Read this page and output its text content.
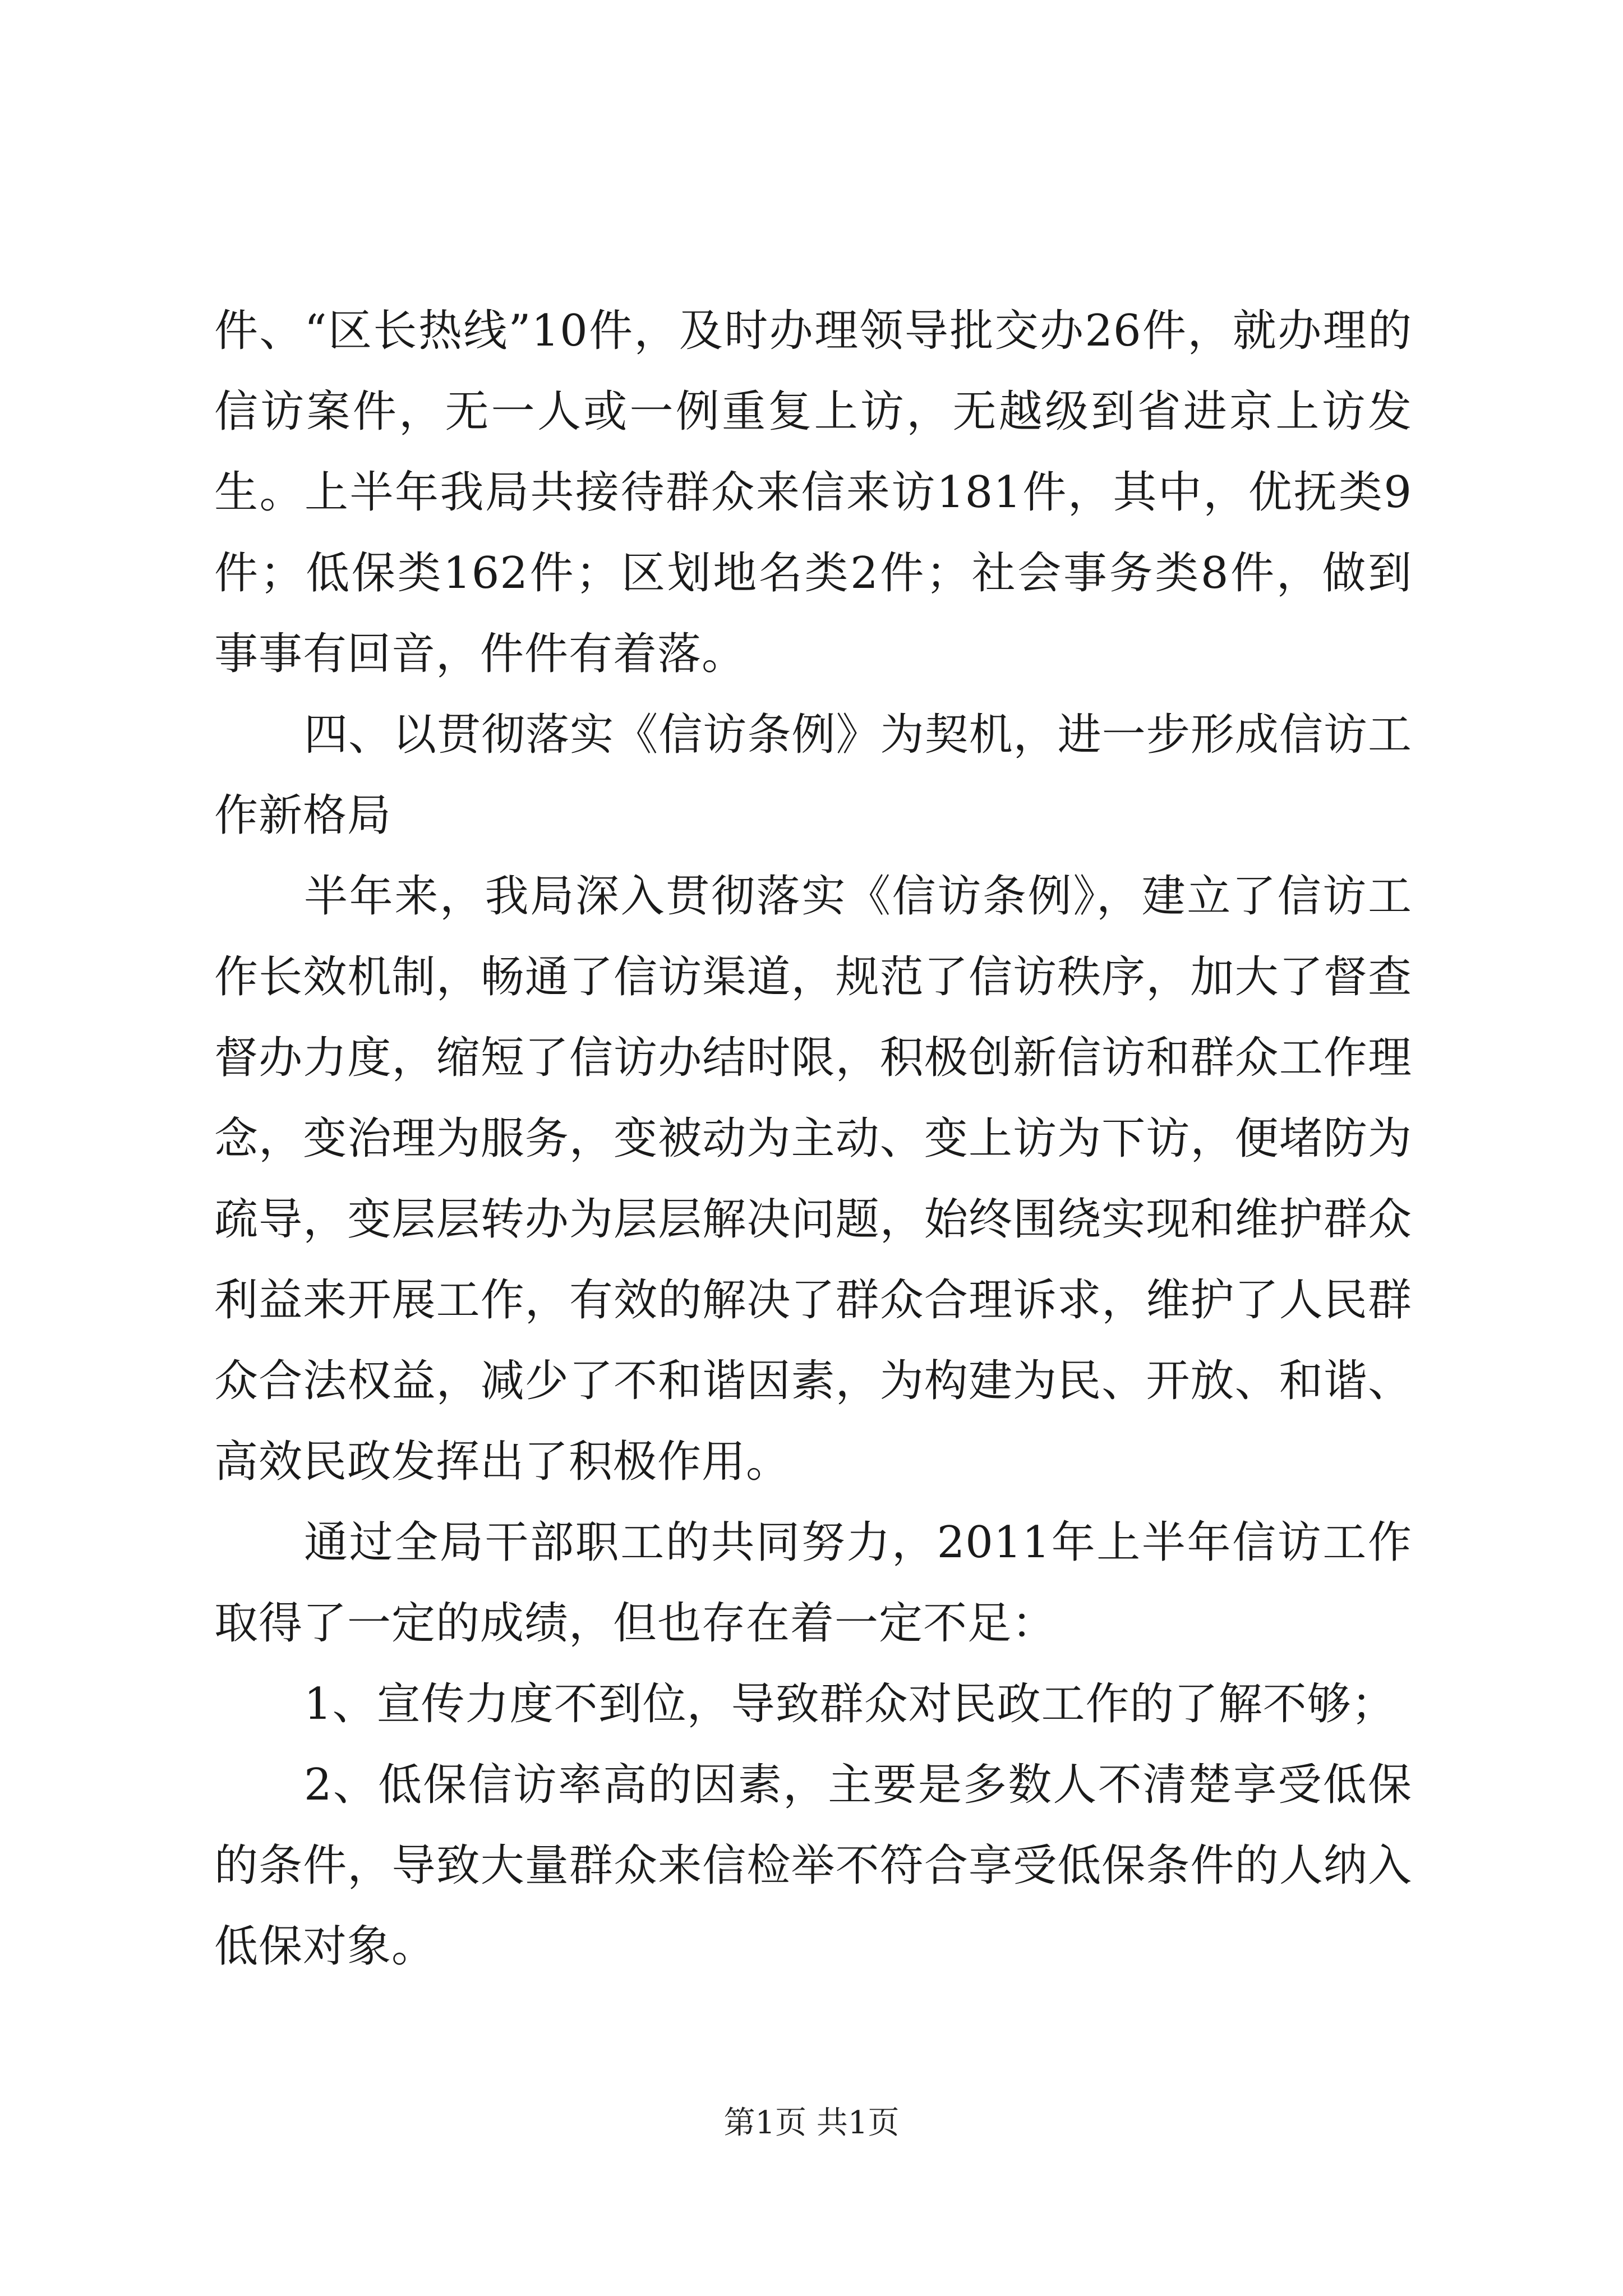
件、“区长热线”10件，及时办理领导批交办26件，就办理的信访案件，无一人或一例重复上访，无越级到省进京上访发生。上半年我局共接待群众来信来访181件，其中，优抚类9件；低保类162件；区划地名类2件；社会事务类8件，做到事事有回音，件件有着落。

四、以贯彻落实《信访条例》为契机，进一步形成信访工作新格局

半年来，我局深入贯彻落实《信访条例》，建立了信访工作长效机制，畅通了信访渠道，规范了信访秩序，加大了督查督办力度，缩短了信访办结时限，积极创新信访和群众工作理念，变治理为服务，变被动为主动、变上访为下访，便堵防为疏导，变层层转办为层层解决问题，始终围绕实现和维护群众利益来开展工作，有效的解决了群众合理诉求，维护了人民群众合法权益，减少了不和谐因素，为构建为民、开放、和谐、高效民政发挥出了积极作用。

通过全局干部职工的共同努力，2011年上半年信访工作取得了一定的成绩，但也存在着一定不足：

1、宣传力度不到位，导致群众对民政工作的了解不够；

2、低保信访率高的因素，主要是多数人不清楚享受低保的条件，导致大量群众来信检举不符合享受低保条件的人纳入低保对象。

第1页 共1页
